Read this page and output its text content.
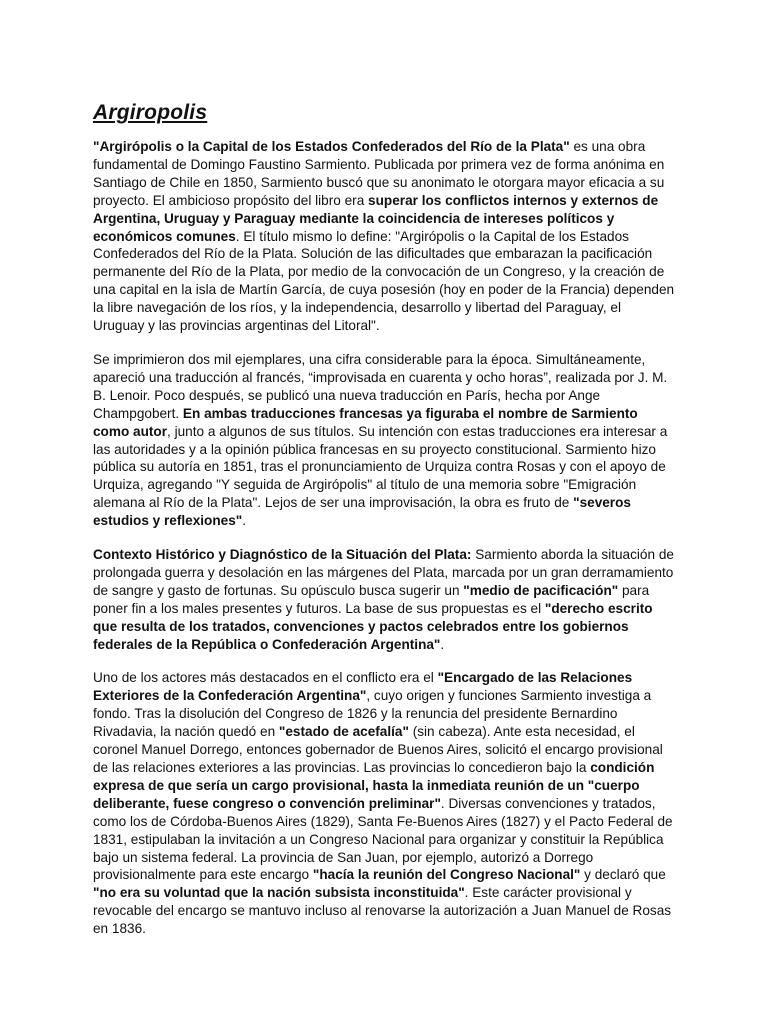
Argiropolis

"Argirópolis o la Capital de los Estados Confederados del Río de la Plata" es una obra fundamental de Domingo Faustino Sarmiento. Publicada por primera vez de forma anónima en Santiago de Chile en 1850, Sarmiento buscó que su anonimato le otorgara mayor eficacia a su proyecto. El ambicioso propósito del libro era superar los conflictos internos y externos de Argentina, Uruguay y Paraguay mediante la coincidencia de intereses políticos y económicos comunes. El título mismo lo define: "Argirópolis o la Capital de los Estados Confederados del Río de la Plata. Solución de las dificultades que embarazan la pacificación permanente del Río de la Plata, por medio de la convocación de un Congreso, y la creación de una capital en la isla de Martín García, de cuya posesión (hoy en poder de la Francia) dependen la libre navegación de los ríos, y la independencia, desarrollo y libertad del Paraguay, el Uruguay y las provincias argentinas del Litoral".

Se imprimieron dos mil ejemplares, una cifra considerable para la época. Simultáneamente, apareció una traducción al francés, “improvisada en cuarenta y ocho horas”, realizada por J. M. B. Lenoir. Poco después, se publicó una nueva traducción en París, hecha por Ange Champgobert. En ambas traducciones francesas ya figuraba el nombre de Sarmiento como autor, junto a algunos de sus títulos. Su intención con estas traducciones era interesar a las autoridades y a la opinión pública francesas en su proyecto constitucional. Sarmiento hizo pública su autoría en 1851, tras el pronunciamiento de Urquiza contra Rosas y con el apoyo de Urquiza, agregando "Y seguida de Argirópolis" al título de una memoria sobre "Emigración alemana al Río de la Plata". Lejos de ser una improvisación, la obra es fruto de "severos estudios y reflexiones".

Contexto Histórico y Diagnóstico de la Situación del Plata: Sarmiento aborda la situación de prolongada guerra y desolación en las márgenes del Plata, marcada por un gran derramamiento de sangre y gasto de fortunas. Su opúsculo busca sugerir un "medio de pacificación" para poner fin a los males presentes y futuros. La base de sus propuestas es el "derecho escrito que resulta de los tratados, convenciones y pactos celebrados entre los gobiernos federales de la República o Confederación Argentina".

Uno de los actores más destacados en el conflicto era el "Encargado de las Relaciones Exteriores de la Confederación Argentina", cuyo origen y funciones Sarmiento investiga a fondo. Tras la disolución del Congreso de 1826 y la renuncia del presidente Bernardino Rivadavia, la nación quedó en "estado de acefalía" (sin cabeza). Ante esta necesidad, el coronel Manuel Dorrego, entonces gobernador de Buenos Aires, solicitó el encargo provisional de las relaciones exteriores a las provincias. Las provincias lo concedieron bajo la condición expresa de que sería un cargo provisional, hasta la inmediata reunión de un "cuerpo deliberante, fuese congreso o convención preliminar". Diversas convenciones y tratados, como los de Córdoba-Buenos Aires (1829), Santa Fe-Buenos Aires (1827) y el Pacto Federal de 1831, estipulaban la invitación a un Congreso Nacional para organizar y constituir la República bajo un sistema federal. La provincia de San Juan, por ejemplo, autorizó a Dorrego provisionalmente para este encargo "hacía la reunión del Congreso Nacional" y declaró que "no era su voluntad que la nación subsista inconstituida". Este carácter provisional y revocable del encargo se mantuvo incluso al renovarse la autorización a Juan Manuel de Rosas en 1836.
